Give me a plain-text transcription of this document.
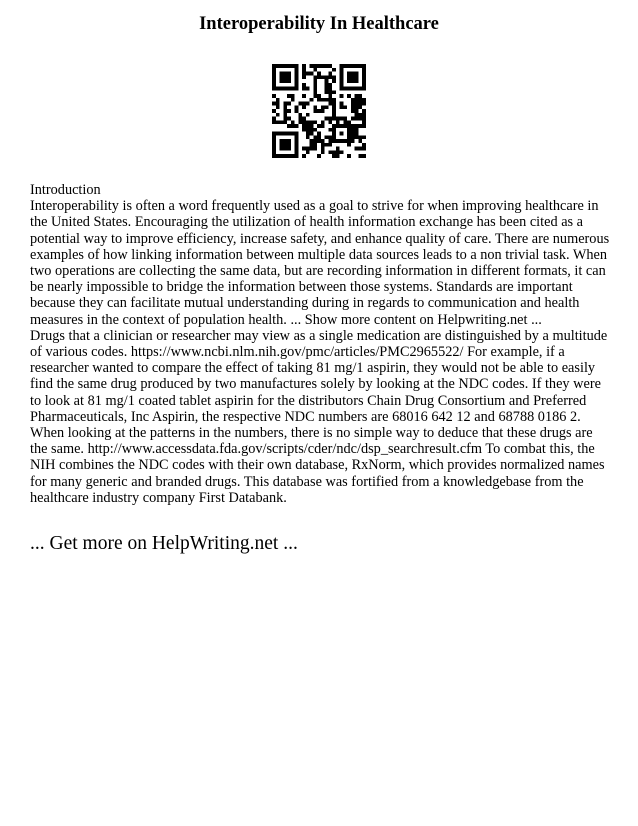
Interoperability In Healthcare

Introduction

Interoperability is often a word frequently used as a goal to strive for when improving healthcare in the United States. Encouraging the utilization of health information exchange has been cited as a potential way to improve efficiency, increase safety, and enhance quality of care. There are numerous examples of how linking information between multiple data sources leads to a non trivial task. When two operations are collecting the same data, but are recording information in different formats, it can be nearly impossible to bridge the information between those systems. Standards are important because they can facilitate mutual understanding during in regards to communication and health measures in the context of population health. ... Show more content on Helpwriting.net ...

Drugs that a clinician or researcher may view as a single medication are distinguished by a multitude of various codes. https://www.ncbi.nlm.nih.gov/pmc/articles/PMC2965522/ For example, if a researcher wanted to compare the effect of taking 81 mg/1 aspirin, they would not be able to easily find the same drug produced by two manufactures solely by looking at the NDC codes. If they were to look at 81 mg/1 coated tablet aspirin for the distributors Chain Drug Consortium and Preferred Pharmaceuticals, Inc Aspirin, the respective NDC numbers are 68016 642 12 and 68788 0186 2. When looking at the patterns in the numbers, there is no simple way to deduce that these drugs are the same. http://www.accessdata.fda.gov/scripts/cder/ndc/dsp_searchresult.cfm To combat this, the NIH combines the NDC codes with their own database, RxNorm, which provides normalized names for many generic and branded drugs. This database was fortified from a knowledgebase from the healthcare industry company First Databank.

... Get more on HelpWriting.net ...
